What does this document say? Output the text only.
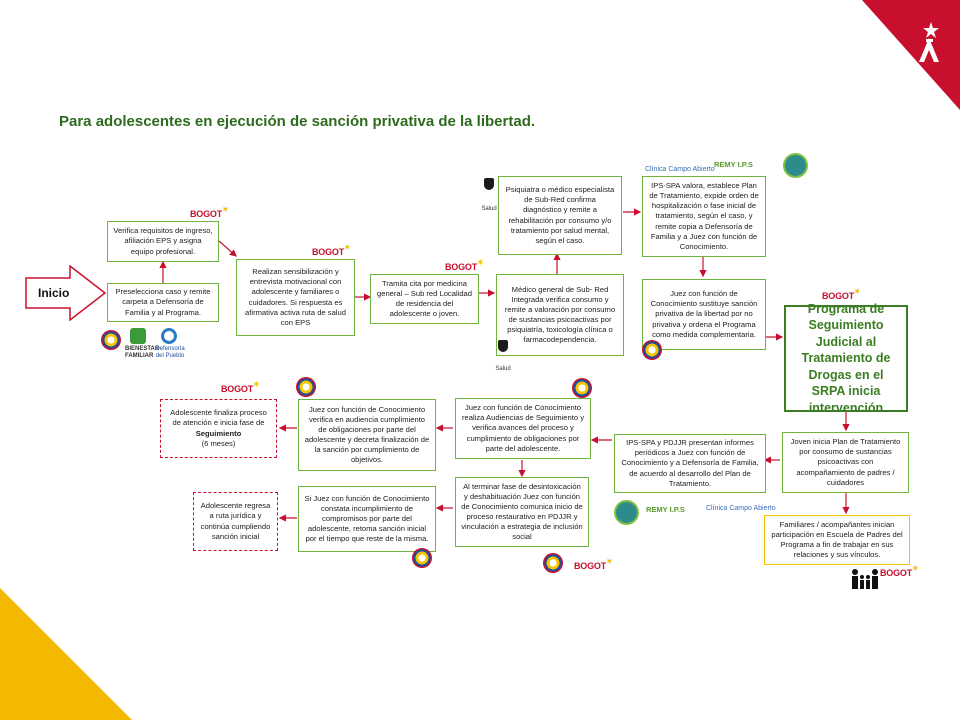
Para adolescentes en ejecución de sanción privativa de la libertad.
Inicio
Verifica requisitos de ingreso, afiliación EPS y asigna equipo profesional.
Preselecciona caso y remite carpeta a Defensoría de Familia y al Programa.
Realizan sensibilización y entrevista motivacional con adolescente y familiares o cuidadores. Si respuesta es afirmativa activa ruta de salud con EPS
Tramita cita por medicina general – Sub red Localidad de residencia del adolescente o joven.
Psiquiatra o médico especialista de Sub-Red confirma diagnóstico y remite a rehabilitación por consumo y/o tratamiento por salud mental, según el caso.
Médico general de Sub- Red Integrada verifica consumo y remite a valoración por consumo de sustancias psicoactivas por psiquiatría, toxicología clínica o farmacodependencia.
IPS-SPA valora, establece Plan de Tratamiento, expide orden de hospitalización o fase inicial de tratamiento, según el caso, y remite copia a Defensoría de Familia y a Juez con función de Conocimiento.
Juez con función de Conocimiento sustituye sanción privativa de la libertad por no privativa y ordena el Programa como medida complementaria.
Programa de Seguimiento Judicial al Tratamiento de Drogas en el SRPA inicia intervención
Joven inicia Plan de Tratamiento por consumo de sustancias psicoactivas con acompañamiento de padres / cuidadores
Familiares / acompañantes inician participación en Escuela de Padres del Programa a fin de trabajar en sus relaciones y sus vínculos.
IPS-SPA y PDJJR presentan informes periódicos a Juez con función de Conocimiento y a Defensoría de Familia, de acuerdo al desarrollo del Plan de Tratamiento.
Juez con función de Conocimiento realiza Audiencias de Seguimiento y verifica avances del proceso y cumplimiento de obligaciones por parte del adolescente.
Al terminar fase de desintoxicación y deshabituación Juez con función de Conocimiento comunica inicio de proceso restaurativo en PDJJR y vinculación a estrategia de inclusión social
Juez con función de Conocimiento verifica en audiencia cumplimiento de obligaciones por parte del adolescente y decreta finalización de la sanción por cumplimiento de objetivos.
Si Juez con función de Conocimiento constata incumplimiento de compromisos por parte del adolescente, retoma sanción inicial por el tiempo que reste de la misma.
Adolescente finaliza proceso de atención e inicia fase de
Seguimiento
(6 meses)
Adolescente regresa a ruta jurídica y continúa cumpliendo sanción inicial
BOGOT✶
BOGOT✶
BOGOT✶
BOGOT✶
BOGOT✶
BOGOT✶
BOGOT✶
BIENESTAR FAMILIAR
Defensoría del Pueblo
Salud
Salud
Clínica Campo Abierto
REMY I.P.S
REMY I.P.S	Clínica Campo Abierto
